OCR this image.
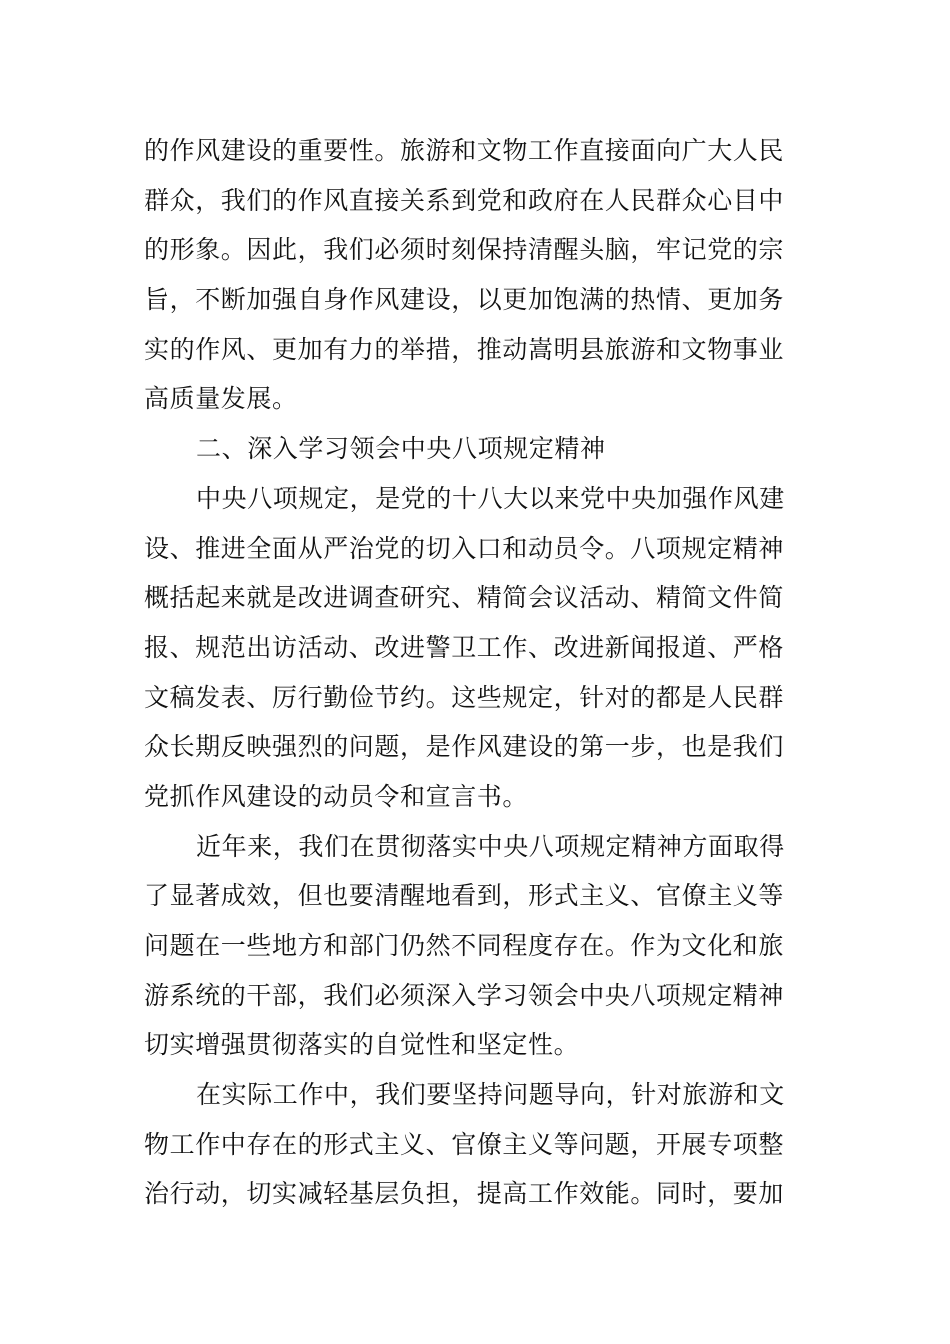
的作风建设的重要性。旅游和文物工作直接面向广大人民
群众，我们的作风直接关系到党和政府在人民群众心目中
的形象。因此，我们必须时刻保持清醒头脑，牢记党的宗
旨，不断加强自身作风建设，以更加饱满的热情、更加务
实的作风、更加有力的举措，推动嵩明县旅游和文物事业
高质量发展。
二、深入学习领会中央八项规定精神
中央八项规定，是党的十八大以来党中央加强作风建
设、推进全面从严治党的切入口和动员令。八项规定精神
概括起来就是改进调查研究、精简会议活动、精简文件简
报、规范出访活动、改进警卫工作、改进新闻报道、严格
文稿发表、厉行勤俭节约。这些规定，针对的都是人民群
众长期反映强烈的问题，是作风建设的第一步，也是我们
党抓作风建设的动员令和宣言书。
近年来，我们在贯彻落实中央八项规定精神方面取得
了显著成效，但也要清醒地看到，形式主义、官僚主义等
问题在一些地方和部门仍然不同程度存在。作为文化和旅
游系统的干部，我们必须深入学习领会中央八项规定精神
切实增强贯彻落实的自觉性和坚定性。
在实际工作中，我们要坚持问题导向，针对旅游和文
物工作中存在的形式主义、官僚主义等问题，开展专项整
治行动，切实减轻基层负担，提高工作效能。同时，要加
